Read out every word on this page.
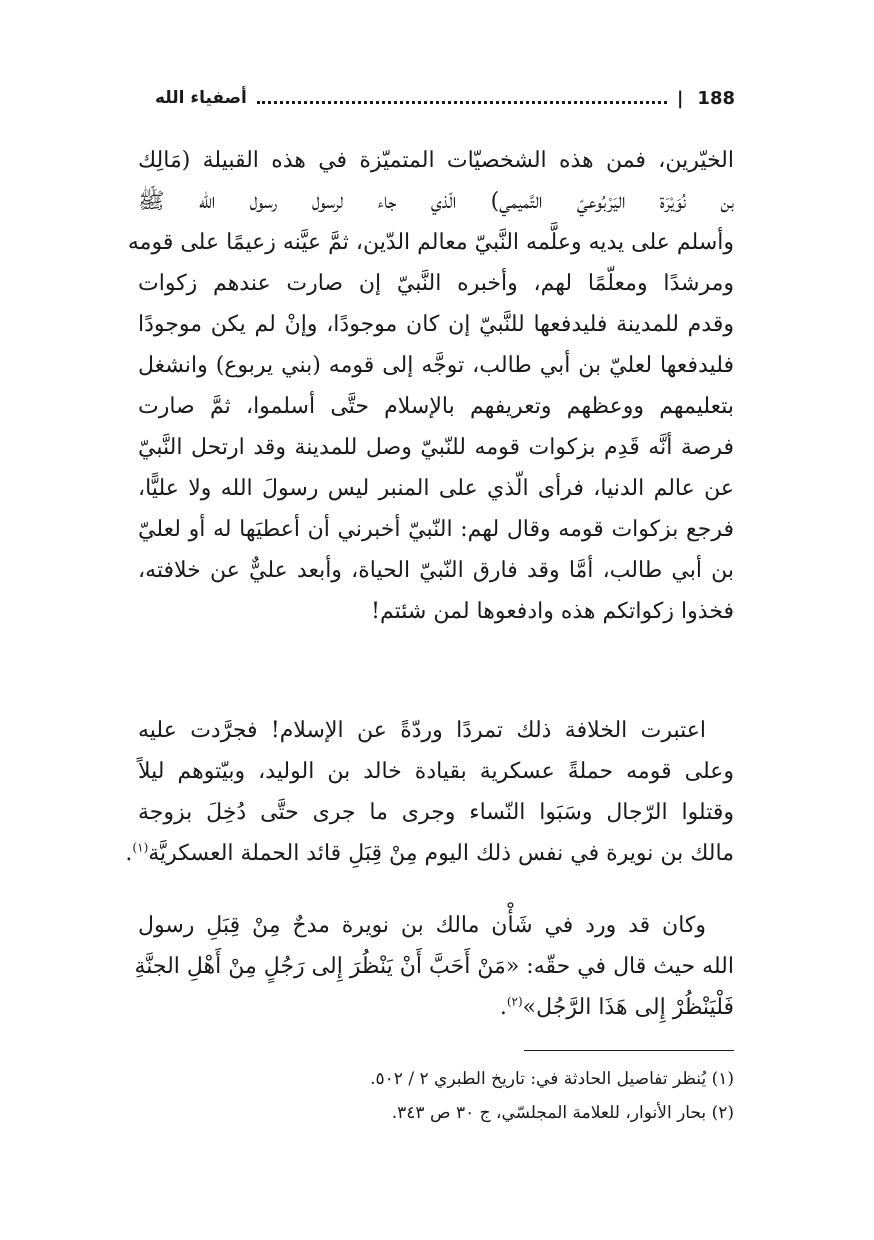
أصفياء الله	| 188
الخيّرين، فمن هذه الشخصيّات المتميّزة في هذه القبيلة (مَالِك
بن نُوَيْرَة اليَرْبُوعيّ التَّميمي) الّذي جاء لرسول رسول الله ﷺ
وأسلم على يديه وعلَّمه النَّبيّ معالم الدّين، ثمَّ عيَّنه زعيمًا على قومه
ومرشدًا ومعلّمًا لهم، وأخبره النَّبيّ إن صارت عندهم زكوات
وقدم للمدينة فليدفعها للنَّبيّ إن كان موجودًا، وإنْ لم يكن موجودًا
فليدفعها لعليّ بن أبي طالب، توجَّه إلى قومه (بني يربوع) وانشغل
بتعليمهم ووعظهم وتعريفهم بالإسلام حتَّى أسلموا، ثمَّ صارت
فرصة أنَّه قَدِم بزكوات قومه للنّبيّ وصل للمدينة وقد ارتحل النَّبيّ
عن عالم الدنيا، فرأى الّذي على المنبر ليس رسولَ الله ولا عليًّا،
فرجع بزكوات قومه وقال لهم: النّبيّ أخبرني أن أعطيَها له أو لعليّ
بن أبي طالب، أمَّا وقد فارق النّبيّ الحياة، وأبعد عليٌّ عن خلافته،
فخذوا زكواتكم هذه وادفعوها لمن شئتم!
اعتبرت الخلافة ذلك تمردًا وردّةً عن الإسلام! فجرَّدت عليه
وعلى قومه حملةً عسكرية بقيادة خالد بن الوليد، وبيّتوهم ليلاً
وقتلوا الرّجال وسَبَوا النّساء وجرى ما جرى حتَّى دُخِلَ بزوجة
مالك بن نويرة في نفس ذلك اليوم مِنْ قِبَلِ قائد الحملة العسكريَّة$^{(١)}$.
وكان قد ورد في شَأْن مالك بن نويرة مدحٌ مِنْ قِبَلِ رسول
الله حيث قال في حقّه: «مَنْ أَحَبَّ أَنْ يَنْظُرَ إِلى رَجُلٍ مِنْ أَهْلِ الجنَّةِ
فَلْيَنْظُرْ إِلى هَذَا الرَّجُل»$^{(٢)}$.
(١) يُنظر تفاصيل الحادثة في: تاريخ الطبري ٢ / ٥٠٢.
(٢) بحار الأنوار، للعلامة المجلسّي، ج ٣٠ ص ٣٤٣.
